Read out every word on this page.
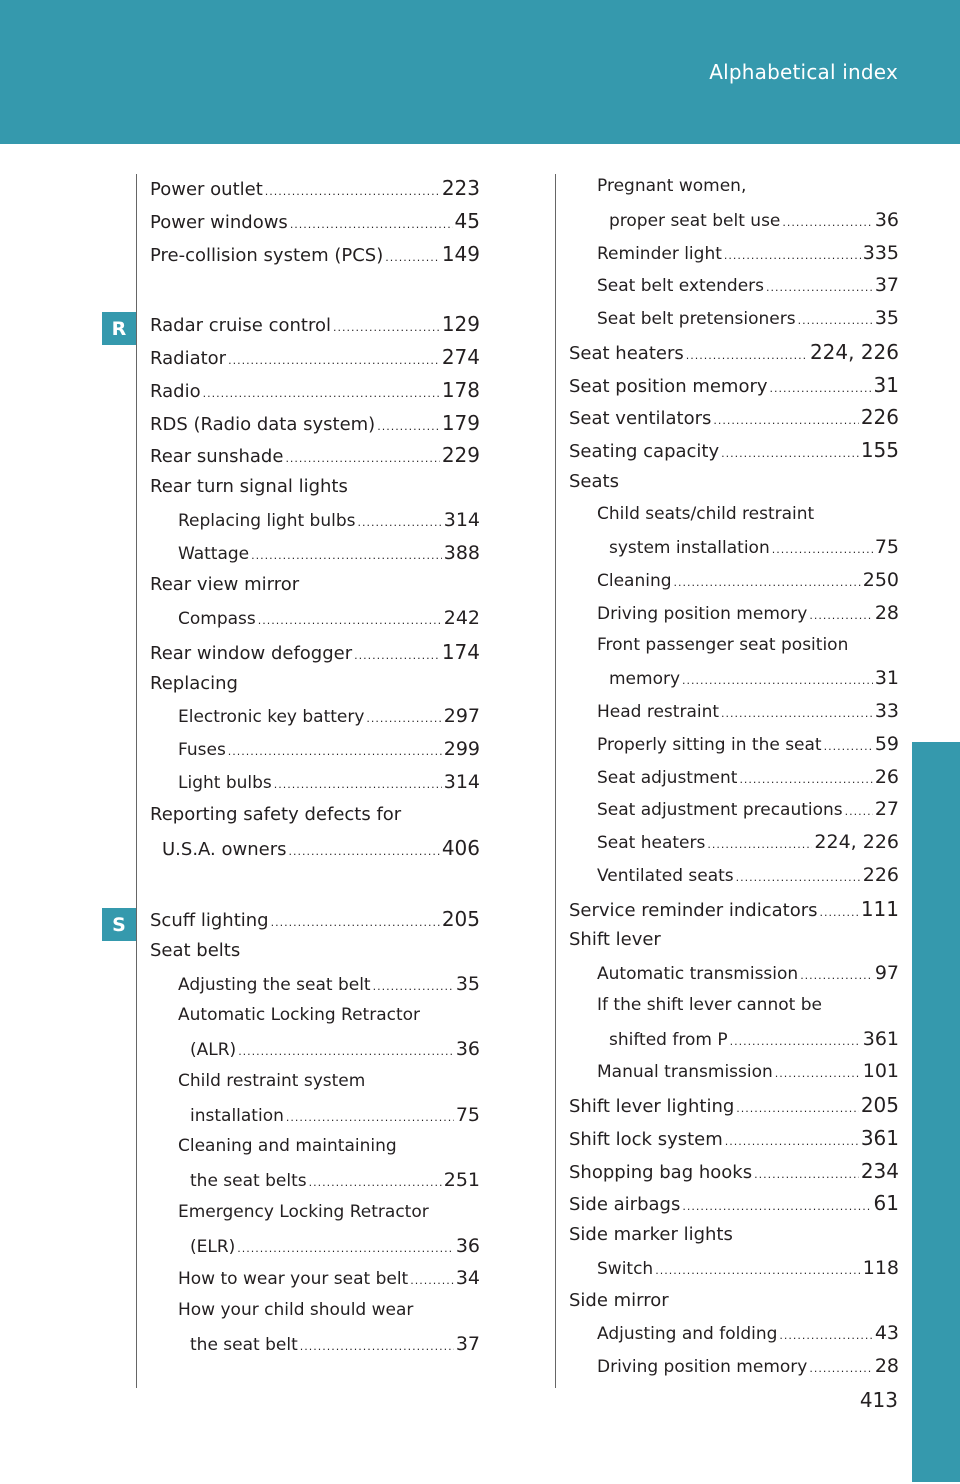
Alphabetical index
R
S
Power outlet .....	223
Power windows .....	45
Pre-collision system (PCS) .....	149
Radar cruise control .....	129
Radiator .....	274
Radio .....	178
RDS (Radio data system) .....	179
Rear sunshade .....	229
Rear turn signal lights
Replacing light bulbs .....	314
Wattage .....	388
Rear view mirror
Compass .....	242
Rear window defogger .....	174
Replacing
Electronic key battery .....	297
Fuses .....	299
Light bulbs .....	314
Reporting safety defects for
U.S.A. owners .....	406
Scuff lighting .....	205
Seat belts
Adjusting the seat belt .....	35
Automatic Locking Retractor
(ALR) .....	36
Child restraint system
installation .....	75
Cleaning and maintaining
the seat belts .....	251
Emergency Locking Retractor
(ELR) .....	36
How to wear your seat belt .....	34
How your child should wear
the seat belt .....	37
Pregnant women,
proper seat belt use .....	36
Reminder light .....	335
Seat belt extenders .....	37
Seat belt pretensioners .....	35
Seat heaters .....	224, 226
Seat position memory .....	31
Seat ventilators .....	226
Seating capacity .....	155
Seats
Child seats/child restraint
system installation .....	75
Cleaning .....	250
Driving position memory .....	28
Front passenger seat position
memory .....	31
Head restraint .....	33
Properly sitting in the seat .....	59
Seat adjustment .....	26
Seat adjustment precautions ..... 27
Seat heaters .....	224, 226
Ventilated seats .....	226
Service reminder indicators ..... 111
Shift lever
Automatic transmission .....	97
If the shift lever cannot be
shifted from P .....	361
Manual transmission .....	101
Shift lever lighting .....	205
Shift lock system .....	361
Shopping bag hooks .....	234
Side airbags .....	61
Side marker lights
Switch .....	118
Side mirror
Adjusting and folding .....	43
Driving position memory .....	28
413
